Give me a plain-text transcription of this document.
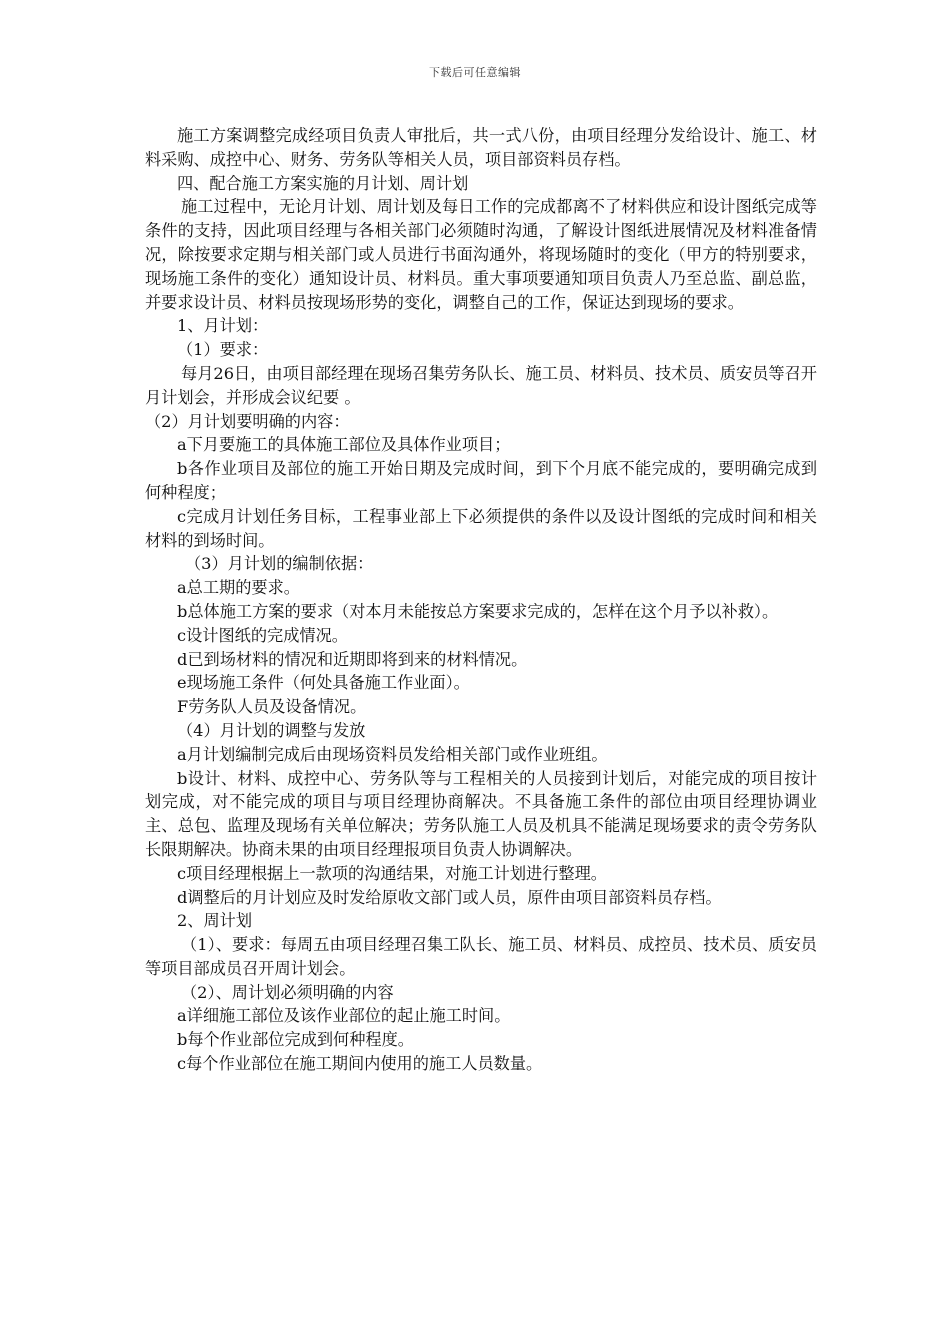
下载后可任意编辑

施工方案调整完成经项目负责人审批后，共一式八份，由项目经理分发给设计、施工、材料采购、成控中心、财务、劳务队等相关人员，项目部资料员存档。

四、配合施工方案实施的月计划、周计划

施工过程中，无论月计划、周计划及每日工作的完成都离不了材料供应和设计图纸完成等条件的支持，因此项目经理与各相关部门必须随时沟通，了解设计图纸进展情况及材料准备情况，除按要求定期与相关部门或人员进行书面沟通外，将现场随时的变化（甲方的特别要求，现场施工条件的变化）通知设计员、材料员。重大事项要通知项目负责人乃至总监、副总监，并要求设计员、材料员按现场形势的变化，调整自己的工作，保证达到现场的要求。

1、月计划：

（1）要求：

每月26日，由项目部经理在现场召集劳务队长、施工员、材料员、技术员、质安员等召开月计划会，并形成会议纪要 。

（2）月计划要明确的内容：

a下月要施工的具体施工部位及具体作业项目；

b各作业项目及部位的施工开始日期及完成时间，到下个月底不能完成的，要明确完成到何种程度；

c完成月计划任务目标，工程事业部上下必须提供的条件以及设计图纸的完成时间和相关材料的到场时间。

（3）月计划的编制依据：

a总工期的要求。

b总体施工方案的要求（对本月未能按总方案要求完成的，怎样在这个月予以补救）。

c设计图纸的完成情况。

d已到场材料的情况和近期即将到来的材料情况。

e现场施工条件（何处具备施工作业面）。

F劳务队人员及设备情况。

（4）月计划的调整与发放

a月计划编制完成后由现场资料员发给相关部门或作业班组。

b设计、材料、成控中心、劳务队等与工程相关的人员接到计划后，对能完成的项目按计划完成，对不能完成的项目与项目经理协商解决。不具备施工条件的部位由项目经理协调业主、总包、监理及现场有关单位解决；劳务队施工人员及机具不能满足现场要求的责令劳务队长限期解决。协商未果的由项目经理报项目负责人协调解决。

c项目经理根据上一款项的沟通结果，对施工计划进行整理。

d调整后的月计划应及时发给原收文部门或人员，原件由项目部资料员存档。

2、周计划

（1）、要求：每周五由项目经理召集工队长、施工员、材料员、成控员、技术员、质安员等项目部成员召开周计划会。

（2）、周计划必须明确的内容

a详细施工部位及该作业部位的起止施工时间。

b每个作业部位完成到何种程度。

c每个作业部位在施工期间内使用的施工人员数量。
